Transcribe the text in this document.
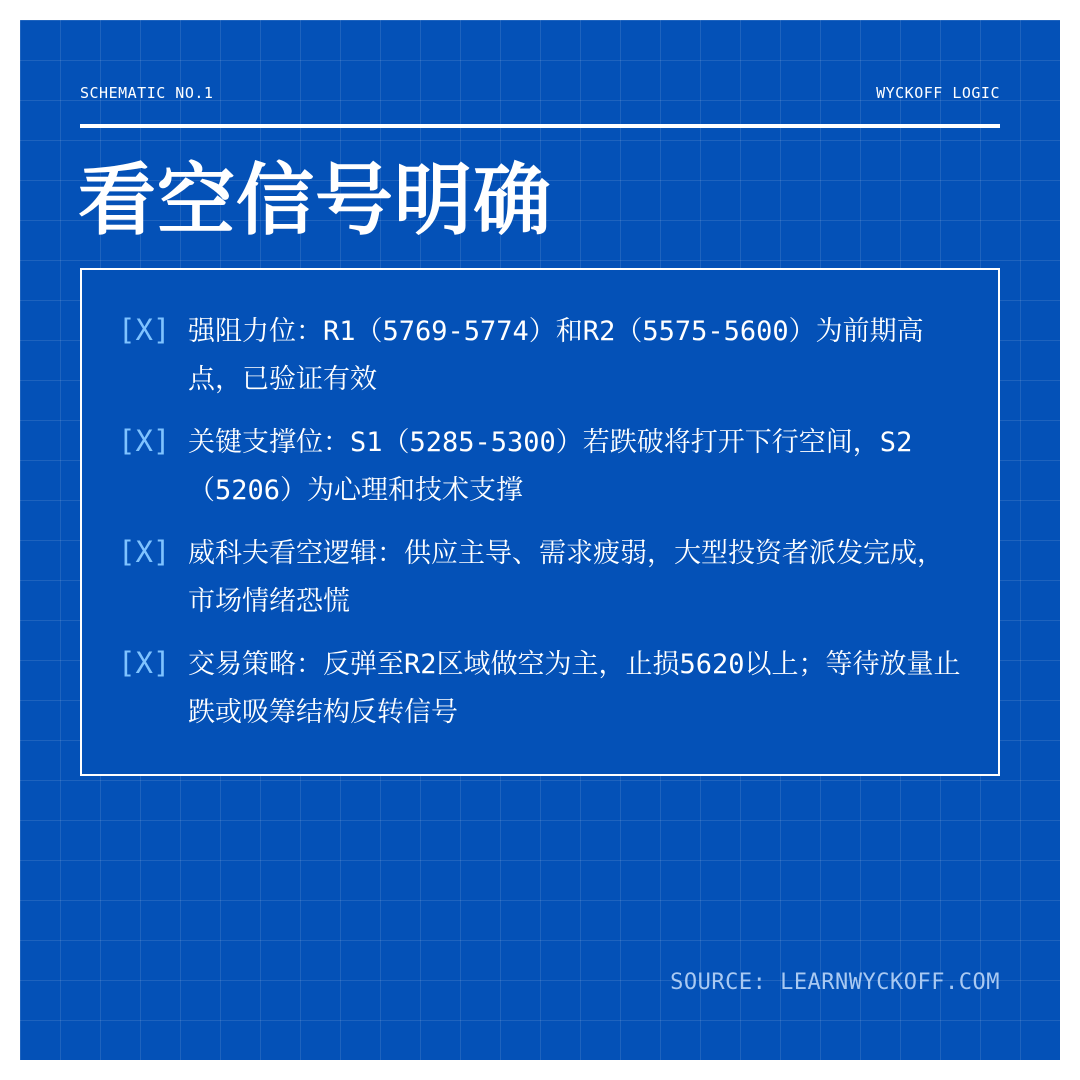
SCHEMATIC NO.1	WYCKOFF LOGIC
看空信号明确
[X] 强阻力位：R1（5769-5774）和R2（5575-5600）为前期高点，已验证有效

[X] 关键支撑位：S1（5285-5300）若跌破将打开下行空间，S2（5206）为心理和技术支撑

[X] 威科夫看空逻辑：供应主导、需求疲弱，大型投资者派发完成，市场情绪恐慌

[X] 交易策略：反弹至R2区域做空为主，止损5620以上；等待放量止跌或吸筹结构反转信号

SOURCE: LEARNWYCKOFF.COM
